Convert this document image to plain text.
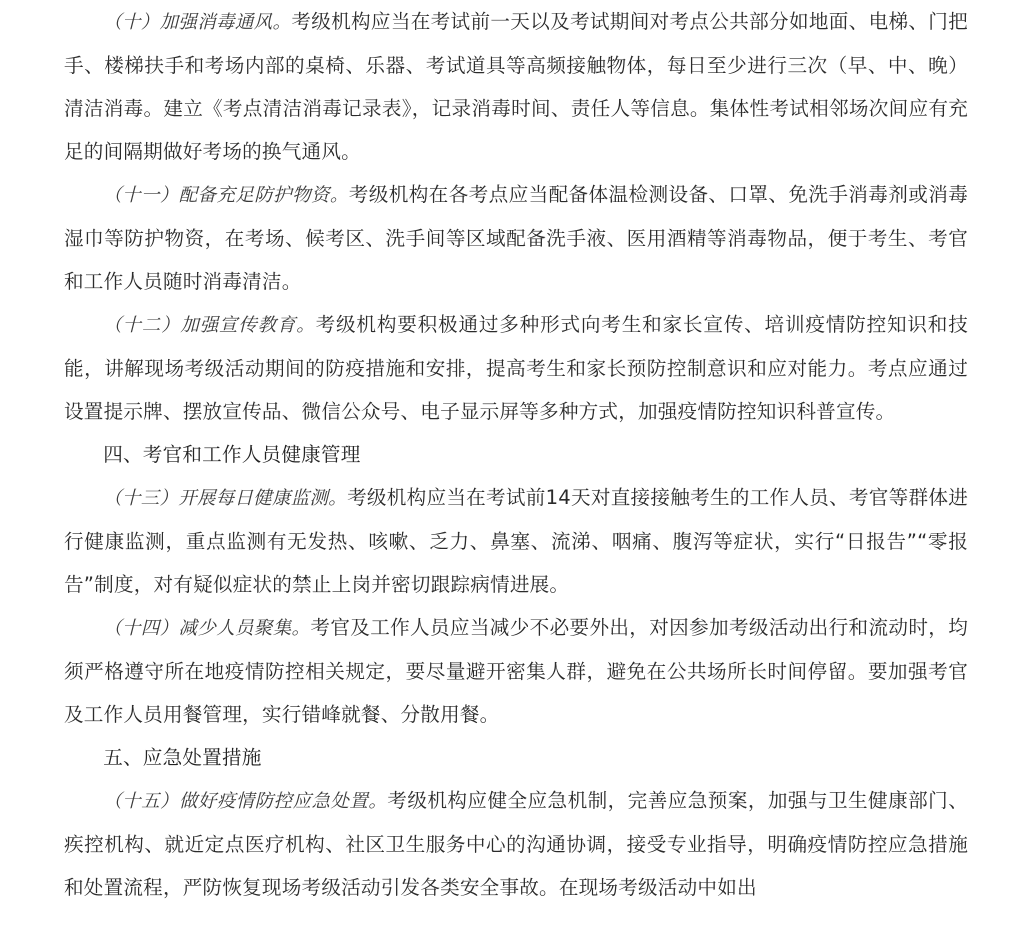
（十）加强消毒通风。考级机构应当在考试前一天以及考试期间对考点公共部分如地面、电梯、门把手、楼梯扶手和考场内部的桌椅、乐器、考试道具等高频接触物体，每日至少进行三次（早、中、晚）清洁消毒。建立《考点清洁消毒记录表》，记录消毒时间、责任人等信息。集体性考试相邻场次间应有充足的间隔期做好考场的换气通风。

（十一）配备充足防护物资。考级机构在各考点应当配备体温检测设备、口罩、免洗手消毒剂或消毒湿巾等防护物资，在考场、候考区、洗手间等区域配备洗手液、医用酒精等消毒物品，便于考生、考官和工作人员随时消毒清洁。

（十二）加强宣传教育。考级机构要积极通过多种形式向考生和家长宣传、培训疫情防控知识和技能，讲解现场考级活动期间的防疫措施和安排，提高考生和家长预防控制意识和应对能力。考点应通过设置提示牌、摆放宣传品、微信公众号、电子显示屏等多种方式，加强疫情防控知识科普宣传。

四、考官和工作人员健康管理

（十三）开展每日健康监测。考级机构应当在考试前14天对直接接触考生的工作人员、考官等群体进行健康监测，重点监测有无发热、咳嗽、乏力、鼻塞、流涕、咽痛、腹泻等症状，实行“日报告”“零报告”制度，对有疑似症状的禁止上岗并密切跟踪病情进展。

（十四）减少人员聚集。考官及工作人员应当减少不必要外出，对因参加考级活动出行和流动时，均须严格遵守所在地疫情防控相关规定，要尽量避开密集人群，避免在公共场所长时间停留。要加强考官及工作人员用餐管理，实行错峰就餐、分散用餐。

五、应急处置措施

（十五）做好疫情防控应急处置。考级机构应健全应急机制，完善应急预案，加强与卫生健康部门、疾控机构、就近定点医疗机构、社区卫生服务中心的沟通协调，接受专业指导，明确疫情防控应急措施和处置流程，严防恢复现场考级活动引发各类安全事故。在现场考级活动中如出
